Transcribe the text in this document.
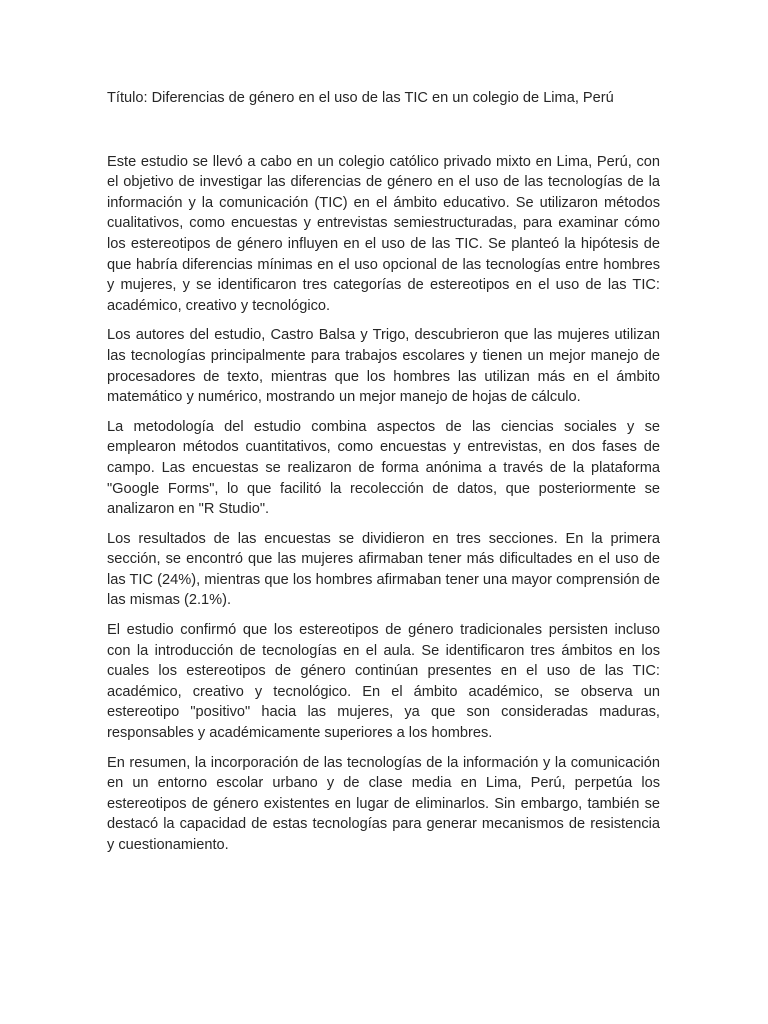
Título: Diferencias de género en el uso de las TIC en un colegio de Lima, Perú

Este estudio se llevó a cabo en un colegio católico privado mixto en Lima, Perú, con el objetivo de investigar las diferencias de género en el uso de las tecnologías de la información y la comunicación (TIC) en el ámbito educativo. Se utilizaron métodos cualitativos, como encuestas y entrevistas semiestructuradas, para examinar cómo los estereotipos de género influyen en el uso de las TIC. Se planteó la hipótesis de que habría diferencias mínimas en el uso opcional de las tecnologías entre hombres y mujeres, y se identificaron tres categorías de estereotipos en el uso de las TIC: académico, creativo y tecnológico.

Los autores del estudio, Castro Balsa y Trigo, descubrieron que las mujeres utilizan las tecnologías principalmente para trabajos escolares y tienen un mejor manejo de procesadores de texto, mientras que los hombres las utilizan más en el ámbito matemático y numérico, mostrando un mejor manejo de hojas de cálculo.

La metodología del estudio combina aspectos de las ciencias sociales y se emplearon métodos cuantitativos, como encuestas y entrevistas, en dos fases de campo. Las encuestas se realizaron de forma anónima a través de la plataforma "Google Forms", lo que facilitó la recolección de datos, que posteriormente se analizaron en "R Studio".

Los resultados de las encuestas se dividieron en tres secciones. En la primera sección, se encontró que las mujeres afirmaban tener más dificultades en el uso de las TIC (24%), mientras que los hombres afirmaban tener una mayor comprensión de las mismas (2.1%).

El estudio confirmó que los estereotipos de género tradicionales persisten incluso con la introducción de tecnologías en el aula. Se identificaron tres ámbitos en los cuales los estereotipos de género continúan presentes en el uso de las TIC: académico, creativo y tecnológico. En el ámbito académico, se observa un estereotipo "positivo" hacia las mujeres, ya que son consideradas maduras, responsables y académicamente superiores a los hombres.

En resumen, la incorporación de las tecnologías de la información y la comunicación en un entorno escolar urbano y de clase media en Lima, Perú, perpetúa los estereotipos de género existentes en lugar de eliminarlos. Sin embargo, también se destacó la capacidad de estas tecnologías para generar mecanismos de resistencia y cuestionamiento.
